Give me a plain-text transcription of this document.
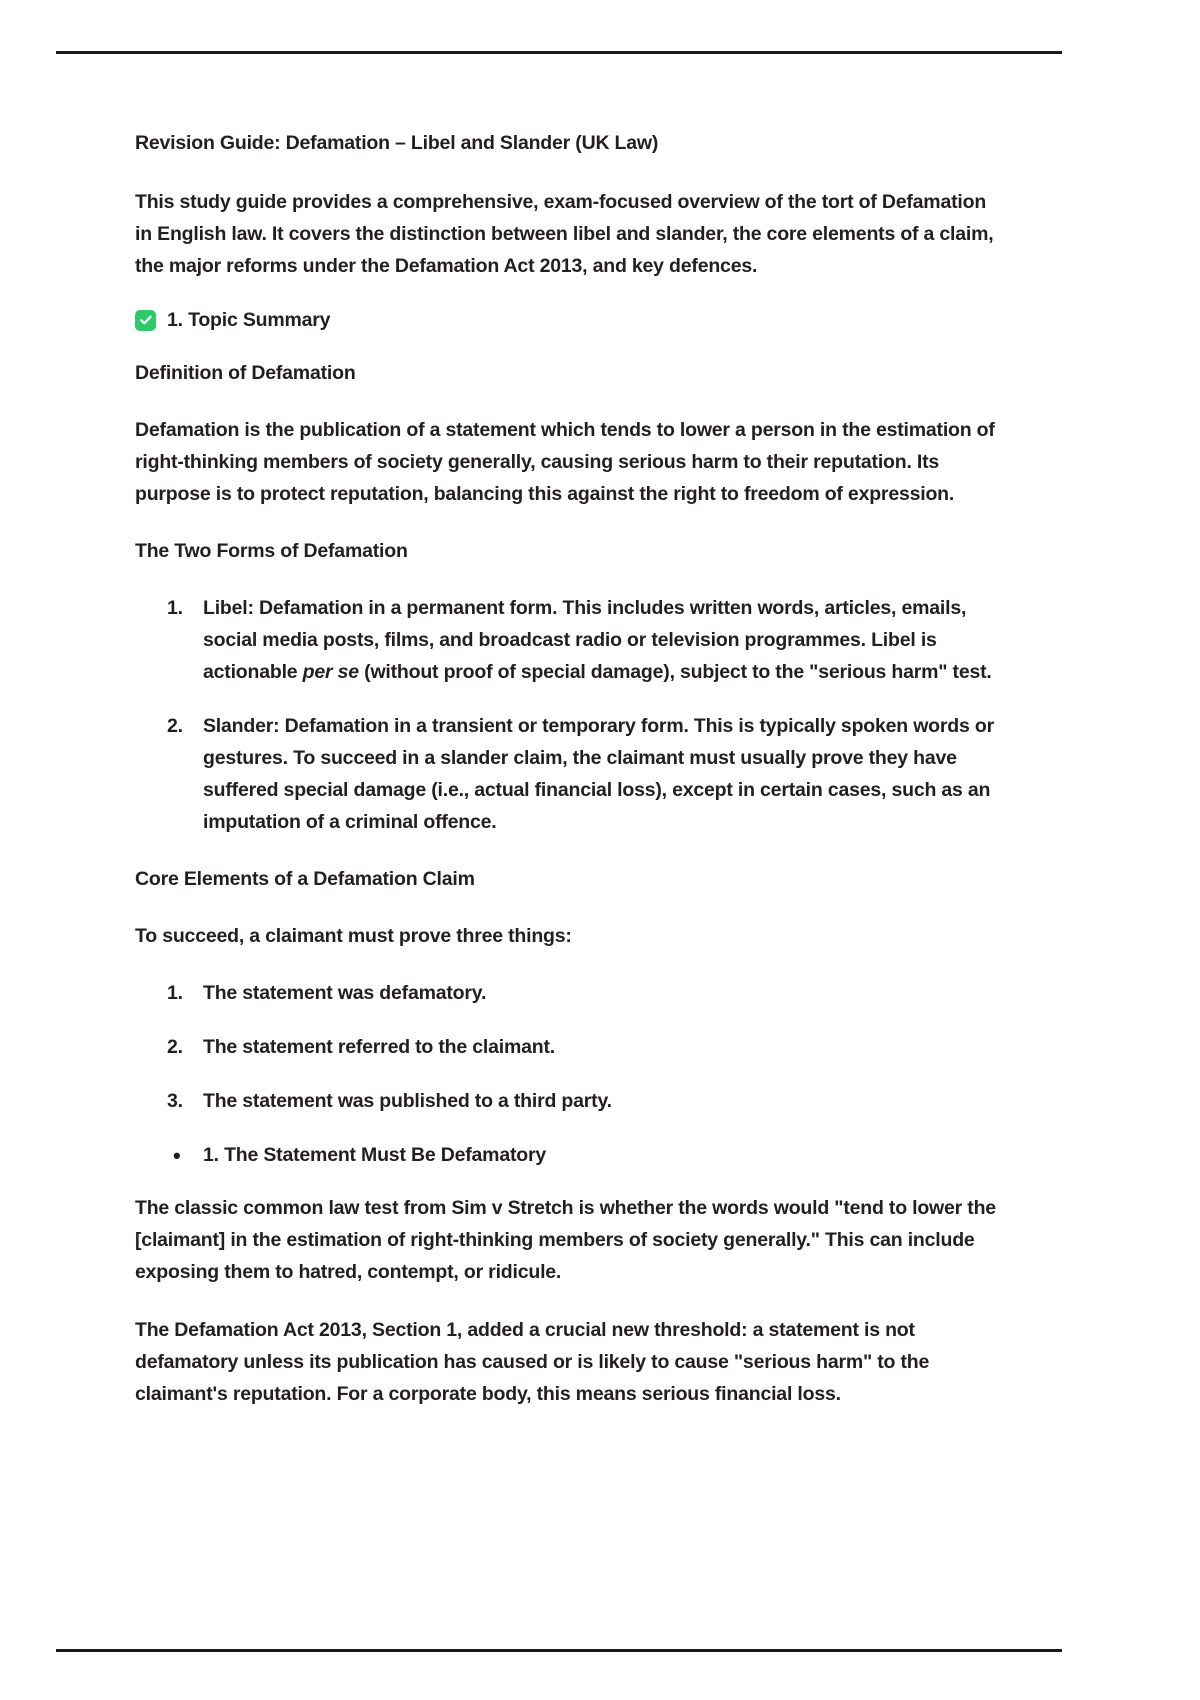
Revision Guide: Defamation – Libel and Slander (UK Law)

This study guide provides a comprehensive, exam-focused overview of the tort of Defamation in English law. It covers the distinction between libel and slander, the core elements of a claim, the major reforms under the Defamation Act 2013, and key defences.

1. Topic Summary

Definition of Defamation

Defamation is the publication of a statement which tends to lower a person in the estimation of right-thinking members of society generally, causing serious harm to their reputation. Its purpose is to protect reputation, balancing this against the right to freedom of expression.

The Two Forms of Defamation

1.	Libel: Defamation in a permanent form. This includes written words, articles, emails, social media posts, films, and broadcast radio or television programmes. Libel is actionable per se (without proof of special damage), subject to the "serious harm" test.
2.	Slander: Defamation in a transient or temporary form. This is typically spoken words or gestures. To succeed in a slander claim, the claimant must usually prove they have suffered special damage (i.e., actual financial loss), except in certain cases, such as an imputation of a criminal offence.

Core Elements of a Defamation Claim

To succeed, a claimant must prove three things:

1.	The statement was defamatory.
2.	The statement referred to the claimant.
3.	The statement was published to a third party.
•	1. The Statement Must Be Defamatory

The classic common law test from Sim v Stretch is whether the words would "tend to lower the [claimant] in the estimation of right-thinking members of society generally." This can include exposing them to hatred, contempt, or ridicule.

The Defamation Act 2013, Section 1, added a crucial new threshold: a statement is not defamatory unless its publication has caused or is likely to cause "serious harm" to the claimant's reputation. For a corporate body, this means serious financial loss.
